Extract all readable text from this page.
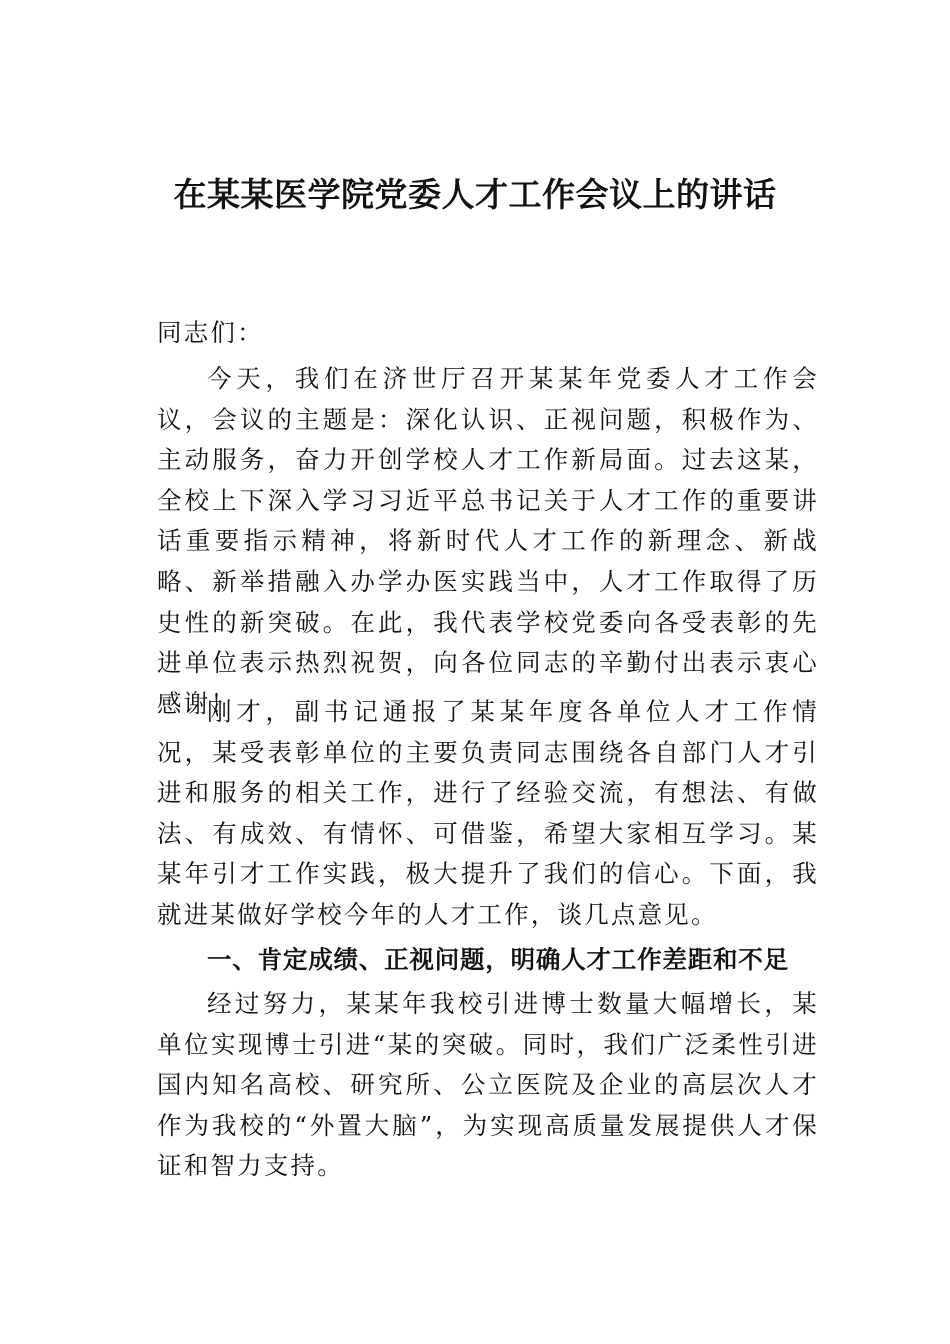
在某某医学院党委人才工作会议上的讲话
同志们：

今天，我们在济世厅召开某某年党委人才工作会议，会议的主题是：深化认识、正视问题，积极作为、主动服务，奋力开创学校人才工作新局面。过去这某，全校上下深入学习习近平总书记关于人才工作的重要讲话重要指示精神，将新时代人才工作的新理念、新战略、新举措融入办学办医实践当中，人才工作取得了历史性的新突破。在此，我代表学校党委向各受表彰的先进单位表示热烈祝贺，向各位同志的辛勤付出表示衷心感谢！

刚才，副书记通报了某某年度各单位人才工作情况，某受表彰单位的主要负责同志围绕各自部门人才引进和服务的相关工作，进行了经验交流，有想法、有做法、有成效、有情怀、可借鉴，希望大家相互学习。某某年引才工作实践，极大提升了我们的信心。下面，我就进某做好学校今年的人才工作，谈几点意见。

一、肯定成绩、正视问题，明确人才工作差距和不足

经过努力，某某年我校引进博士数量大幅增长，某单位实现博士引进“某的突破。同时，我们广泛柔性引进国内知名高校、研究所、公立医院及企业的高层次人才作为我校的“外置大脑”，为实现高质量发展提供人才保证和智力支持。
